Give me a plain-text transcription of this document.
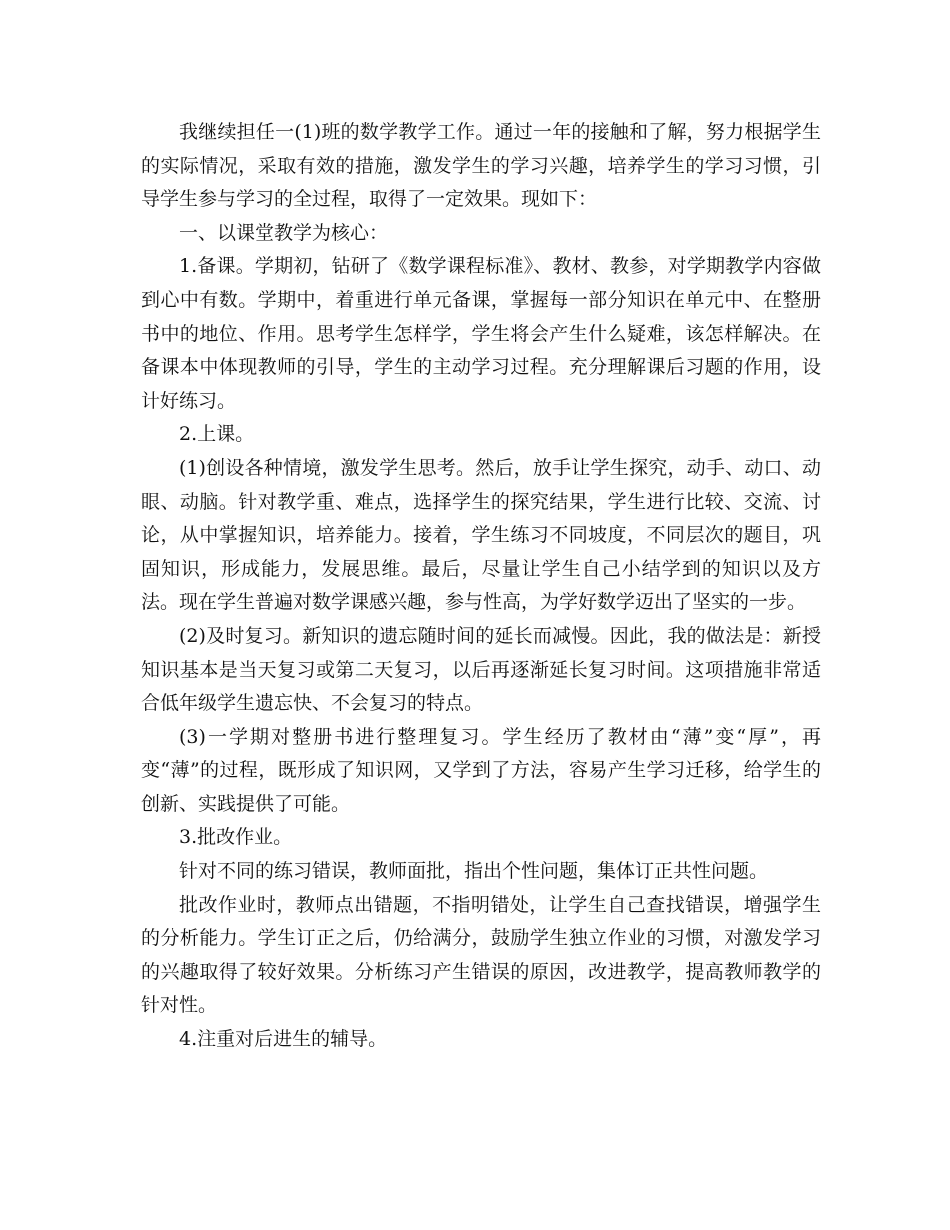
我继续担任一(1)班的数学教学工作。通过一年的接触和了解，努力根据学生的实际情况，采取有效的措施，激发学生的学习兴趣，培养学生的学习习惯，引导学生参与学习的全过程，取得了一定效果。现如下：

一、以课堂教学为核心：

1.备课。学期初，钻研了《数学课程标准》、教材、教参，对学期教学内容做到心中有数。学期中，着重进行单元备课，掌握每一部分知识在单元中、在整册书中的地位、作用。思考学生怎样学，学生将会产生什么疑难，该怎样解决。在备课本中体现教师的引导，学生的主动学习过程。充分理解课后习题的作用，设计好练习。

2.上课。

(1)创设各种情境，激发学生思考。然后，放手让学生探究，动手、动口、动眼、动脑。针对教学重、难点，选择学生的探究结果，学生进行比较、交流、讨论，从中掌握知识，培养能力。接着，学生练习不同坡度，不同层次的题目，巩固知识，形成能力，发展思维。最后，尽量让学生自己小结学到的知识以及方法。现在学生普遍对数学课感兴趣，参与性高，为学好数学迈出了坚实的一步。

(2)及时复习。新知识的遗忘随时间的延长而减慢。因此，我的做法是：新授知识基本是当天复习或第二天复习，以后再逐渐延长复习时间。这项措施非常适合低年级学生遗忘快、不会复习的特点。

(3)一学期对整册书进行整理复习。学生经历了教材由“薄”变“厚”，再变“薄”的过程，既形成了知识网，又学到了方法，容易产生学习迁移，给学生的创新、实践提供了可能。

3.批改作业。

针对不同的练习错误，教师面批，指出个性问题，集体订正共性问题。

批改作业时，教师点出错题，不指明错处，让学生自己查找错误，增强学生的分析能力。学生订正之后，仍给满分，鼓励学生独立作业的习惯，对激发学习的兴趣取得了较好效果。分析练习产生错误的原因，改进教学，提高教师教学的针对性。

4.注重对后进生的辅导。
